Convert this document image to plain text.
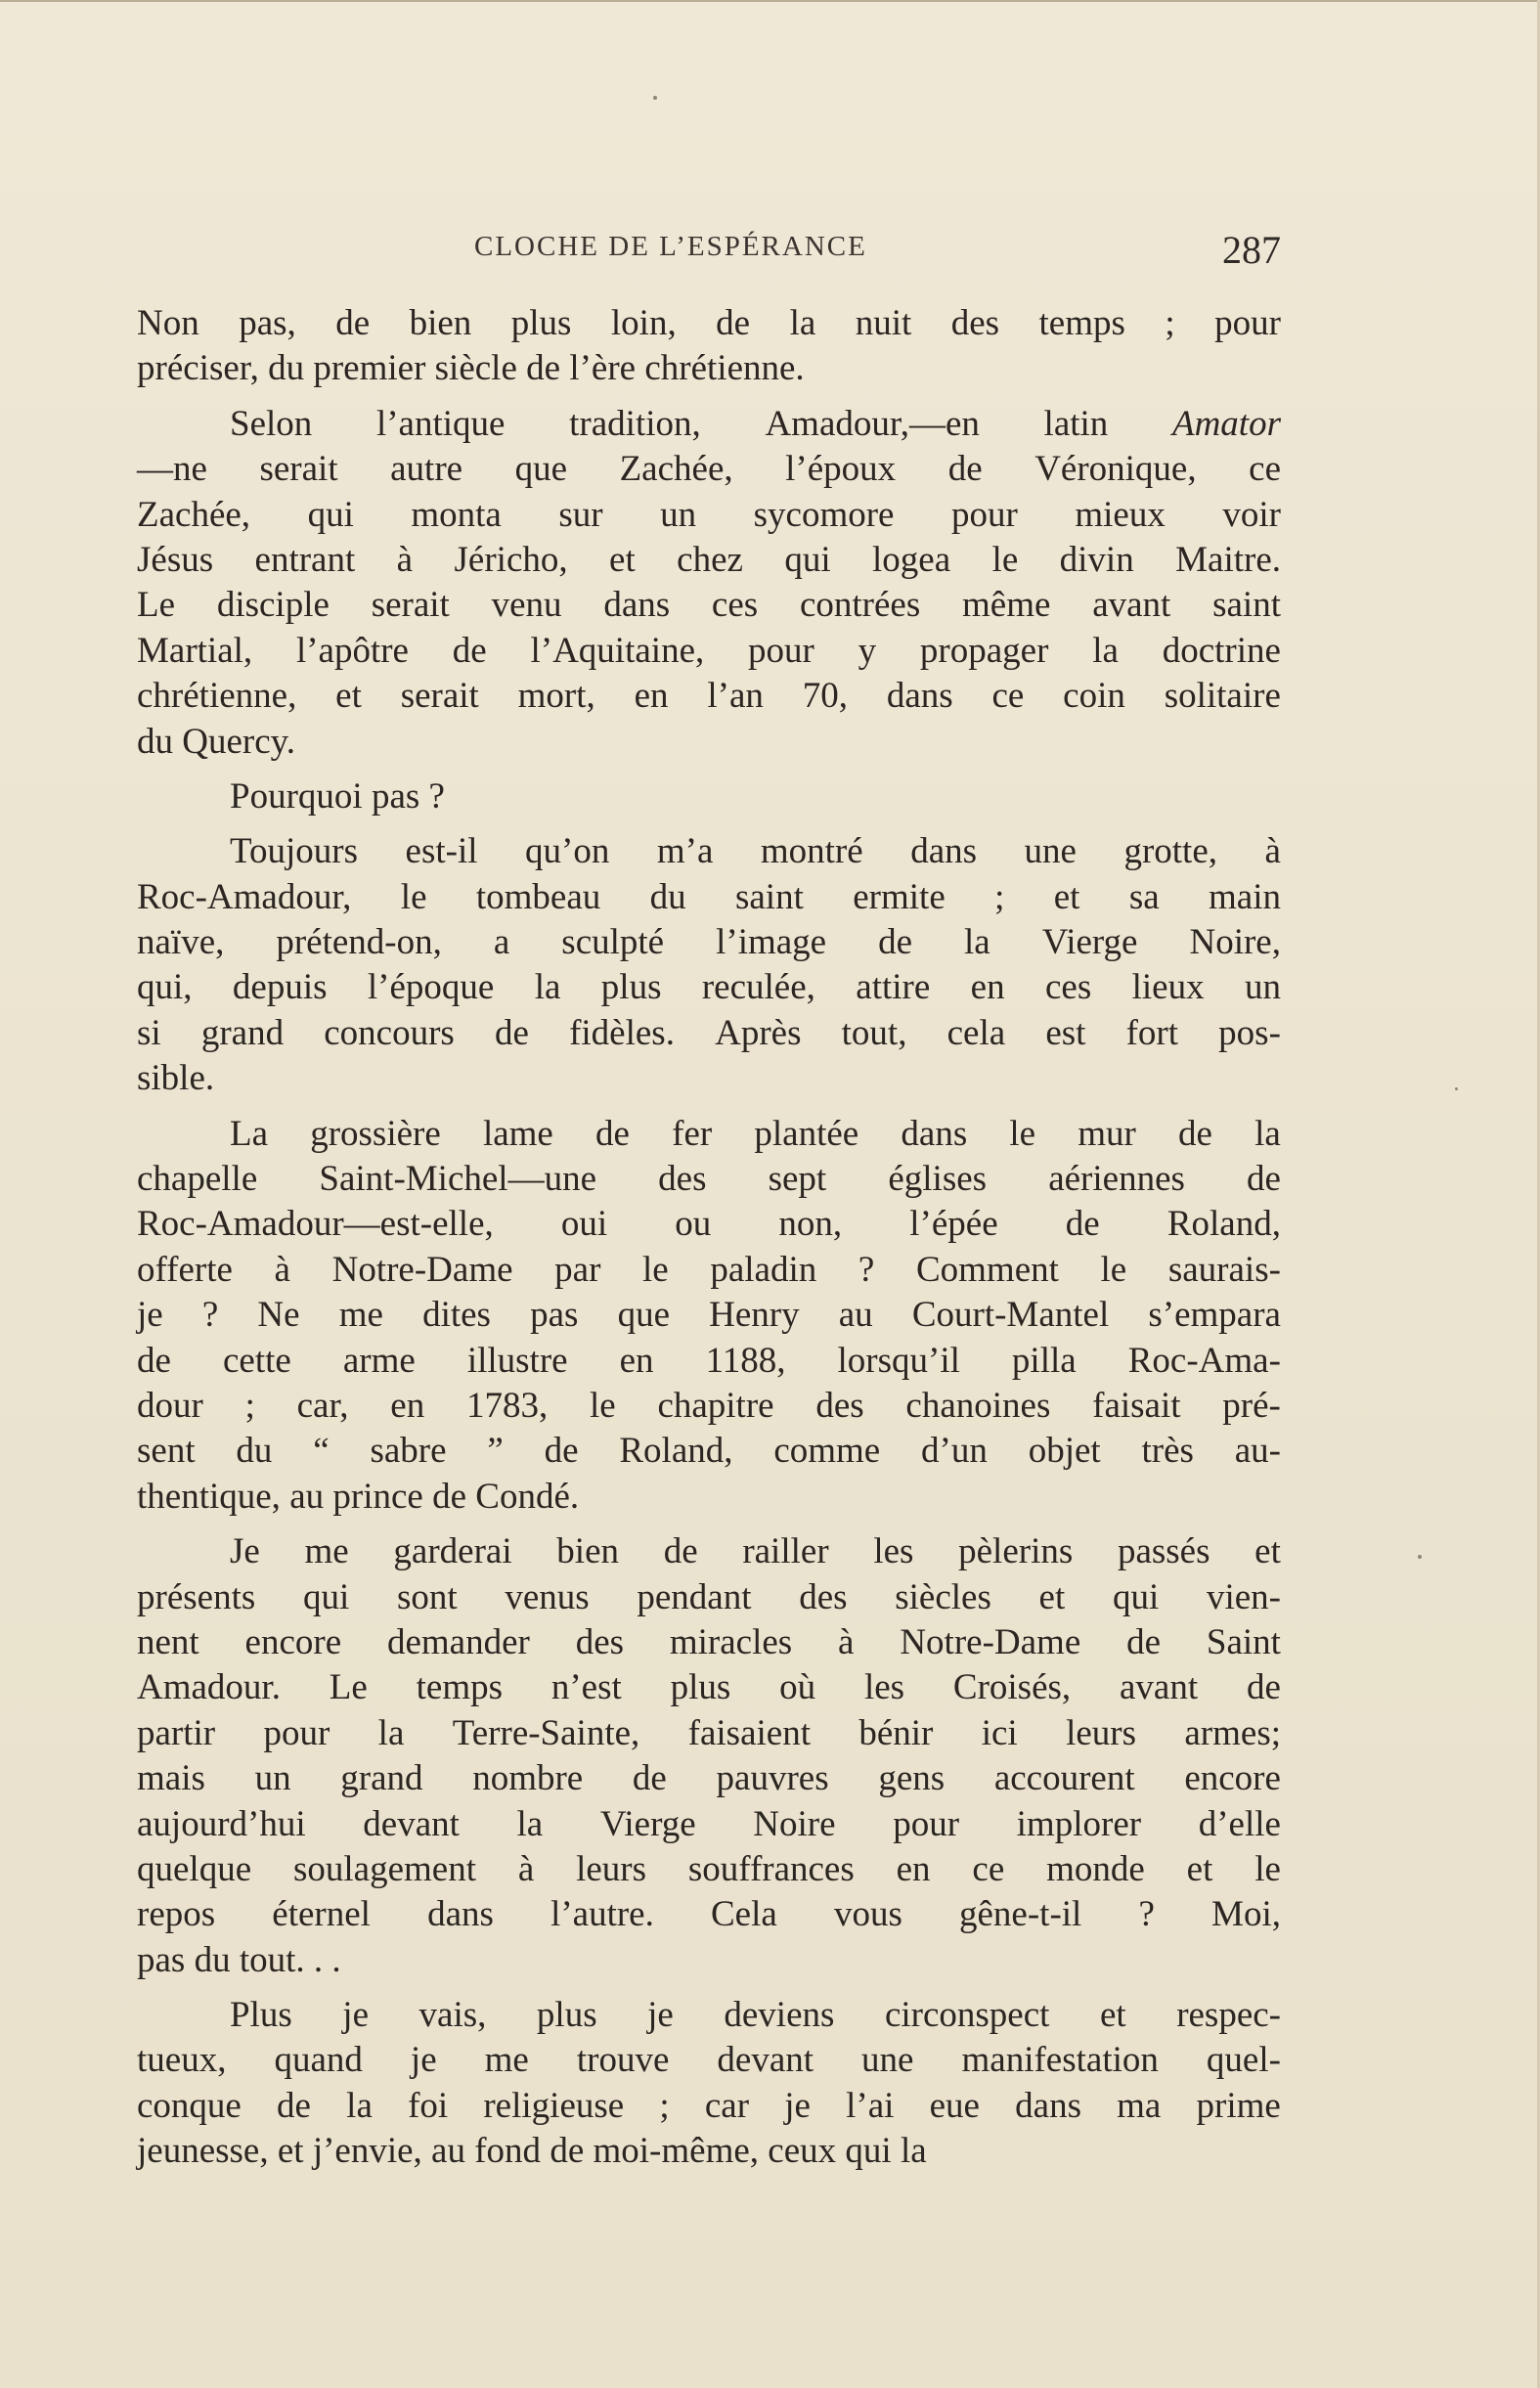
CLOCHE DE L’ESPÉRANCE	287
Non pas, de bien plus loin, de la nuit des temps ; pour
préciser,
du
premier
siècle
de
l’ère
chrétienne.
Selon l’antique tradition, Amadour,—en latin Amator
—ne serait autre que Zachée, l’époux de Véronique, ce
Zachée, qui monta sur un sycomore pour mieux voir
Jésus entrant à Jéricho, et chez qui logea le divin Maitre.
Le disciple serait venu dans ces contrées même avant saint
Martial, l’apôtre de l’Aquitaine, pour y propager la doctrine
chrétienne, et serait mort, en l’an 70, dans ce coin solitaire
du
Quercy.
Pourquoi
pas
?
Toujours est-il qu’on m’a montré dans une grotte, à
Roc-Amadour, le tombeau du saint ermite ; et sa main
naïve, prétend-on, a sculpté l’image de la Vierge Noire,
qui, depuis l’époque la plus reculée, attire en ces lieux un
si grand concours de fidèles. Après tout, cela est fort pos-
sible.
La grossière lame de fer plantée dans le mur de la
chapelle Saint-Michel—une des sept églises aériennes de
Roc-Amadour—est-elle, oui ou non, l’épée de Roland,
offerte à Notre-Dame par le paladin ? Comment le saurais-
je ? Ne me dites pas que Henry au Court-Mantel s’empara
de cette arme illustre en 1188, lorsqu’il pilla Roc-Ama-
dour ; car, en 1783, le chapitre des chanoines faisait pré-
sent du “ sabre ” de Roland, comme d’un objet très au-
thentique,
au
prince
de
Condé.
Je me garderai bien de railler les pèlerins passés et
présents qui sont venus pendant des siècles et qui vien-
nent encore demander des miracles à Notre-Dame de Saint
Amadour. Le temps n’est plus où les Croisés, avant de
partir pour la Terre-Sainte, faisaient bénir ici leurs armes;
mais un grand nombre de pauvres gens accourent encore
aujourd’hui devant la Vierge Noire pour implorer d’elle
quelque soulagement à leurs souffrances en ce monde et le
repos éternel dans l’autre. Cela vous gêne-t-il ? Moi,
pas
du
tout.
.
.
Plus je vais, plus je deviens circonspect et respec-
tueux, quand je me trouve devant une manifestation quel-
conque de la foi religieuse ; car je l’ai eue dans ma prime
jeunesse,
et
j’envie,
au
fond
de
moi-même,
ceux
qui
la
